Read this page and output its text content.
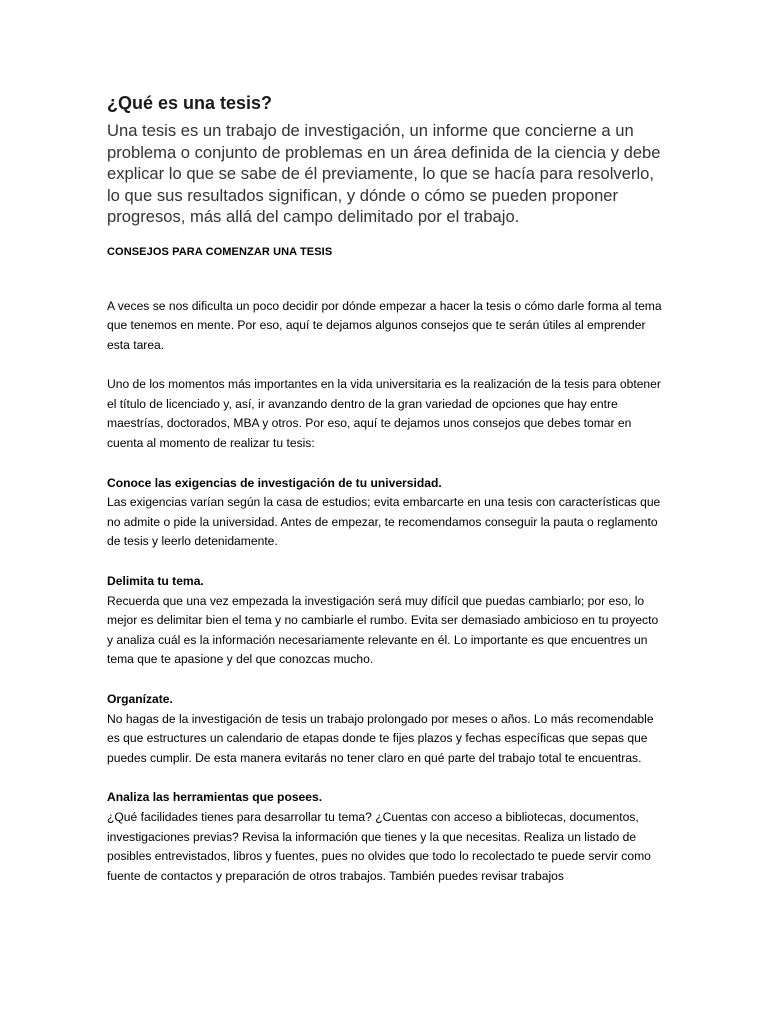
¿Qué es una tesis?

Una tesis es un trabajo de investigación, un informe que concierne a un problema o conjunto de problemas en un área definida de la ciencia y debe explicar lo que se sabe de él previamente, lo que se hacía para resolverlo, lo que sus resultados significan, y dónde o cómo se pueden proponer progresos, más allá del campo delimitado por el trabajo.

CONSEJOS PARA COMENZAR UNA TESIS

A veces se nos dificulta un poco decidir por dónde empezar a hacer la tesis o cómo darle forma al tema que tenemos en mente. Por eso, aquí te dejamos algunos consejos que te serán útiles al emprender esta tarea.

Uno de los momentos más importantes en la vida universitaria es la realización de la tesis para obtener el título de licenciado y, así, ir avanzando dentro de la gran variedad de opciones que hay entre maestrías, doctorados, MBA y otros. Por eso, aquí te dejamos unos consejos que debes tomar en cuenta al momento de realizar tu tesis:

Conoce las exigencias de investigación de tu universidad.
Las exigencias varían según la casa de estudios; evita embarcarte en una tesis con características que no admite o pide la universidad. Antes de empezar, te recomendamos conseguir la pauta o reglamento de tesis y leerlo detenidamente.
Delimita tu tema.
Recuerda que una vez empezada la investigación será muy difícil que puedas cambiarlo; por eso, lo mejor es delimitar bien el tema y no cambiarle el rumbo. Evita ser demasiado ambicioso en tu proyecto y analiza cuál es la información necesariamente relevante en él. Lo importante es que encuentres un tema que te apasione y del que conozcas mucho.
Organízate.
No hagas de la investigación de tesis un trabajo prolongado por meses o años. Lo más recomendable es que estructures un calendario de etapas donde te fijes plazos y fechas específicas que sepas que puedes cumplir. De esta manera evitarás no tener claro en qué parte del trabajo total te encuentras.
Analiza las herramientas que posees.
¿Qué facilidades tienes para desarrollar tu tema? ¿Cuentas con acceso a bibliotecas, documentos, investigaciones previas? Revisa la información que tienes y la que necesitas. Realiza un listado de posibles entrevistados, libros y fuentes, pues no olvides que todo lo recolectado te puede servir como fuente de contactos y preparación de otros trabajos. También puedes revisar trabajos
